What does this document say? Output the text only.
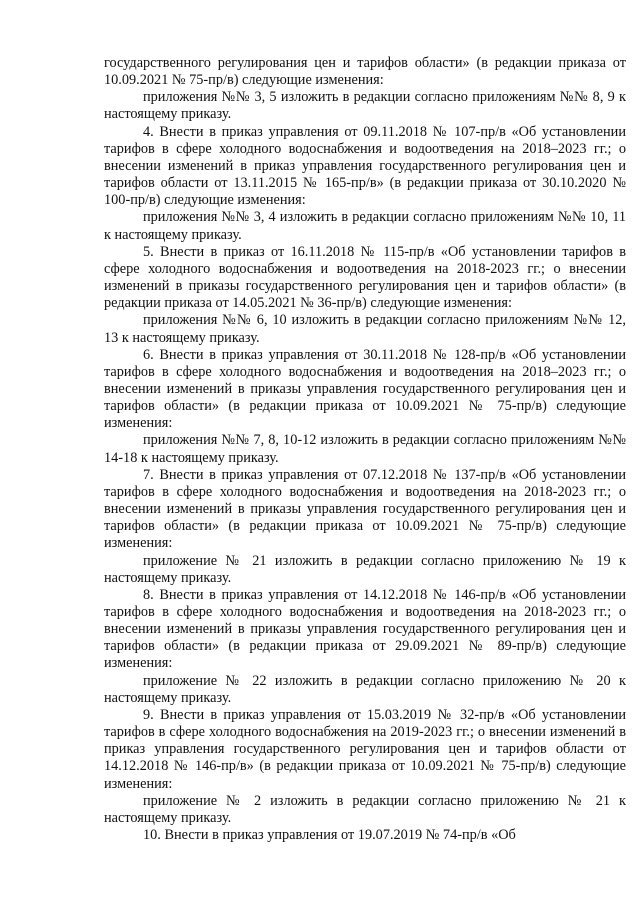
государственного регулирования цен и тарифов области» (в редакции приказа от 10.09.2021 № 75-пр/в) следующие изменения:

приложения №№ 3, 5 изложить в редакции согласно приложениям №№ 8, 9 к настоящему приказу.

4. Внести в приказ управления от 09.11.2018 № 107-пр/в «Об установлении тарифов в сфере холодного водоснабжения и водоотведения на 2018–2023 гг.; о внесении изменений в приказ управления государственного регулирования цен и тарифов области от 13.11.2015 № 165-пр/в» (в редакции приказа от 30.10.2020 № 100-пр/в) следующие изменения:

приложения №№ 3, 4 изложить в редакции согласно приложениям №№ 10, 11 к настоящему приказу.

5. Внести в приказ от 16.11.2018 № 115-пр/в «Об установлении тарифов в сфере холодного водоснабжения и водоотведения на 2018-2023 гг.; о внесении изменений в приказы государственного регулирования цен и тарифов области» (в редакции приказа от 14.05.2021 № 36-пр/в) следующие изменения:

приложения №№ 6, 10 изложить в редакции согласно приложениям №№ 12, 13 к настоящему приказу.

6. Внести в приказ управления от 30.11.2018 № 128-пр/в «Об установлении тарифов в сфере холодного водоснабжения и водоотведения на 2018–2023 гг.; о внесении изменений в приказы управления государственного регулирования цен и тарифов области» (в редакции приказа от 10.09.2021 № 75-пр/в) следующие изменения:

приложения №№ 7, 8, 10-12 изложить в редакции согласно приложениям №№ 14-18 к настоящему приказу.

7. Внести в приказ управления от 07.12.2018 № 137-пр/в «Об установлении тарифов в сфере холодного водоснабжения и водоотведения на 2018-2023 гг.; о внесении изменений в приказы управления государственного регулирования цен и тарифов области» (в редакции приказа от 10.09.2021 № 75-пр/в) следующие изменения:

приложение № 21 изложить в редакции согласно приложению № 19 к настоящему приказу.

8. Внести в приказ управления от 14.12.2018 № 146-пр/в «Об установлении тарифов в сфере холодного водоснабжения и водоотведения на 2018-2023 гг.; о внесении изменений в приказы управления государственного регулирования цен и тарифов области» (в редакции приказа от 29.09.2021 № 89-пр/в) следующие изменения:

приложение № 22 изложить в редакции согласно приложению № 20 к настоящему приказу.

9. Внести в приказ управления от 15.03.2019 № 32-пр/в «Об установлении тарифов в сфере холодного водоснабжения на 2019-2023 гг.; о внесении изменений в приказ управления государственного регулирования цен и тарифов области от 14.12.2018 № 146-пр/в» (в редакции приказа от 10.09.2021 № 75-пр/в) следующие изменения:

приложение № 2 изложить в редакции согласно приложению № 21 к настоящему приказу.

10. Внести в приказ управления от 19.07.2019 № 74-пр/в «Об
